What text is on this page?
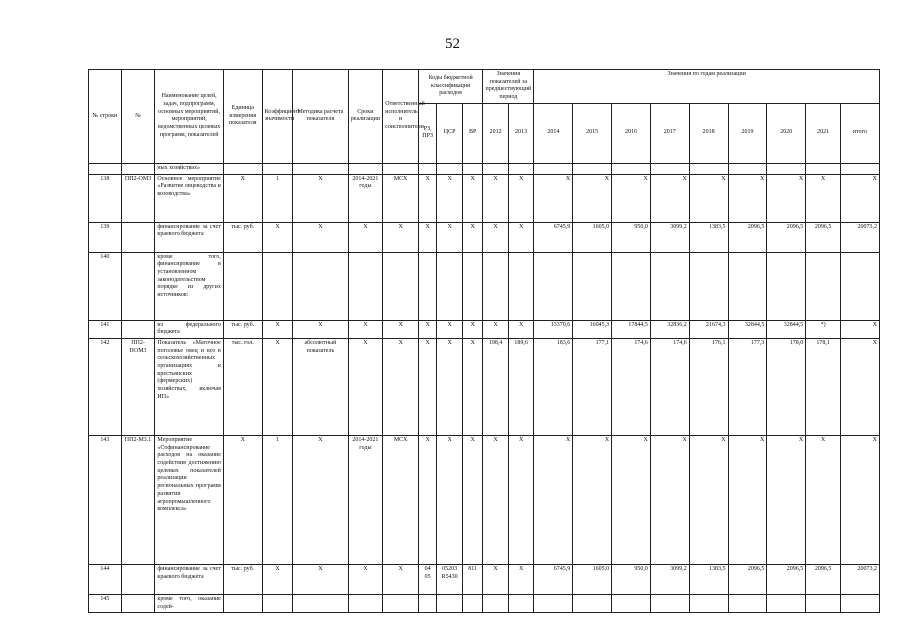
52
№ строки	№	Наименование целей, задач, подпрограмм, основных мероприятий, мероприятий, ведомственных целевых программ, показателей	Единица измерения показателя	Коэффициент значимости	Методика расчета показателя	Сроки реализации	Ответственный исполнитель и соисполнители	Коды бюджетной классификации расходов			Значения показателей за предшествующий период		Значения по годам реализации								
								РЗ, ПРЗ	ЦСР	ВР	2012	2013	2014	2015	2016	2017	2018	2019	2020	2021	итого
		ных хозяйствах»																			
138	ПП2-ОМ3	Основное мероприятие «Развитие овцеводства и козоводства»	Х	1	Х	2014-2021 годы	МСХ	Х	Х	Х	Х	Х	Х	Х	Х	Х	Х	Х	Х	Х	Х
139		финансирование за счет краевого бюджета	тыс. руб.	Х	Х	Х	Х	Х	Х	Х	Х	Х	6745,9	1605,0	950,0	3099,2	1383,5	2096,5	2096,5	2096,5	20073,2
140		кроме того, финансирование в установленном законодательством порядке из других источников:																			
141		из федерального бюджета	тыс. руб.	Х	Х	Х	Х	Х	Х	Х	Х	Х	13370,6	16045,3	17844,5	32836,2	21674,3	32844,5	32844,5	*)	Х
142	ПП2-ПОМ3	Показатель «Маточное поголовье овец и коз в сельскохозяйственных организациях и крестьянских (фермерских) хозяйствах, включая ИП»	тыс. гол.	Х	абсолютный показатель	Х	Х	Х	Х	Х	198,4	189,6	183,6	177,1	174,6	174,6	176,1	177,3	178,0	178,1	Х
143	ПП2-М3.1	Мероприятие «Софинансирование расходов на оказание содействия достижению целевых показателей реализации региональных программ развития агропромышленного комплекса»	Х	1	Х	2014-2021 годы	МСХ	Х	Х	Х	Х	Х	Х	Х	Х	Х	Х	Х	Х	Х	Х
144		финансирование за счет краевого бюджета	тыс. руб.	Х	Х	Х	Х	04 05	05203 R5430	811	Х	Х	6745,9	1605,0	950,0	3099,2	1383,5	2096,5	2096,5	2096,5	20073,2
145		кроме того, оказание содей-																			
